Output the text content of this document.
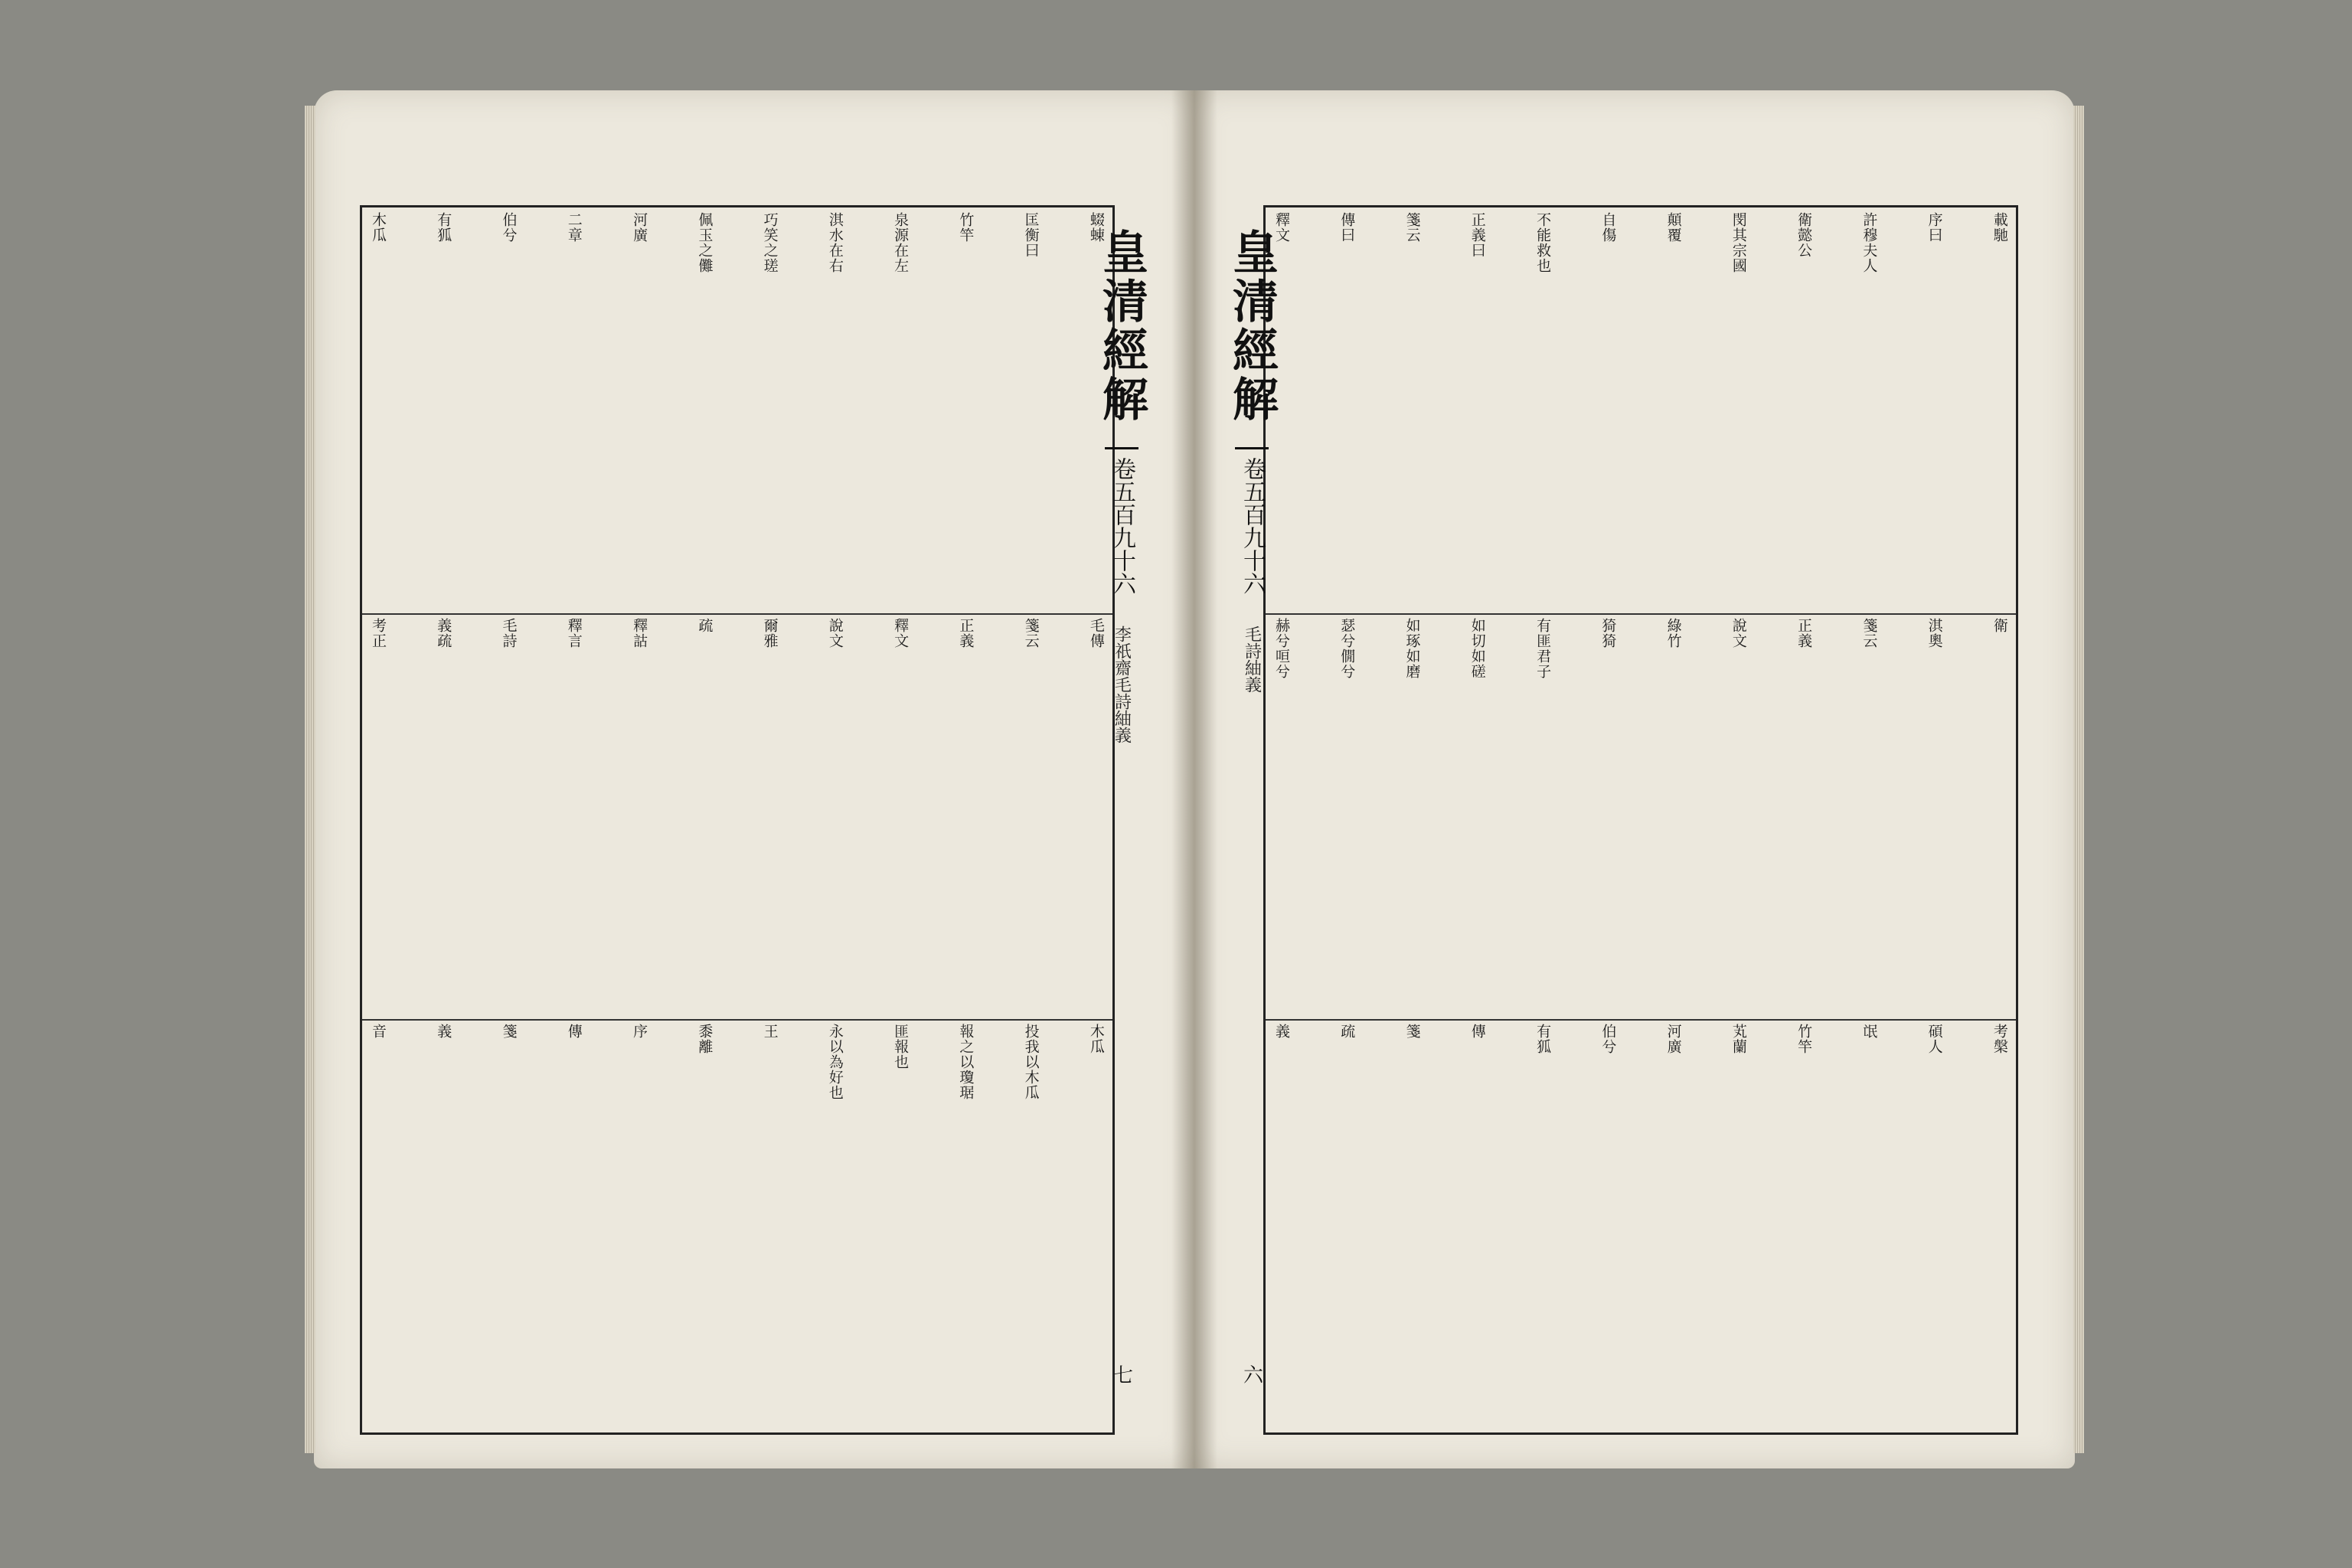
蝃蝀
匡衡曰
竹竿
泉源在左
淇水在右
巧笑之瑳
佩玉之儺
河廣
二章
伯兮
有狐
木瓜
毛傳
箋云
正義
釋文
說文
爾雅
疏
釋詁
釋言
毛詩
義疏
考正
木瓜
投我以木瓜
報之以瓊琚
匪報也
永以為好也
王
黍離
序
傳
箋
義
音
皇清經解
卷五百九十六
李祇齋毛詩紬義
七
載馳
序曰
許穆夫人
衛懿公
閔其宗國
顛覆
自傷
不能救也
正義曰
箋云
傳曰
釋文
衛
淇奧
箋云
正義
說文
綠竹
猗猗
有匪君子
如切如磋
如琢如磨
瑟兮僩兮
赫兮咺兮
考槃
碩人
氓
竹竿
芄蘭
河廣
伯兮
有狐
傳
箋
疏
義
皇清經解
卷五百九十六
毛詩紬義
六
